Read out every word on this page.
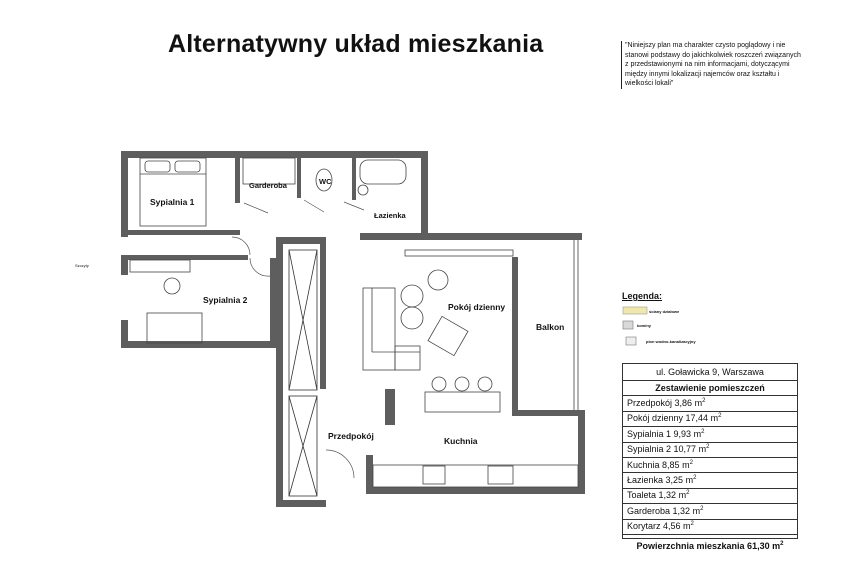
Alternatywny układ mieszkania	"Niniejszy plan ma charakter czysto poglądowy i nie stanowi podstawy do jakichkolwiek roszczeń związanych z przedstawionymi na nim informacjami, dotyczącymi między innymi lokalizacji najemców oraz kształtu i wielkości lokali"
Sypialnia 1
Sypialnia 2
Garderoba	WC
Łazienka
Pokój dzienny
Balkon
Przedpokój	Kuchnia
Szczyty
Legenda:
ściany działowe
kominy
pion wodno-kanalizacyjny
ul. Goławicka 9, Warszawa
Zestawienie pomieszczeń
Przedpokój 3,86 $m^2$
Pokój dzienny 17,44 $m^2$
Sypialnia 1 9,93 $m^2$
Sypialnia 2 10,77 $m^2$
Kuchnia 8,85 $m^2$
Łazienka 3,25 $m^2$
Toaleta 1,32 $m^2$
Garderoba 1,32 $m^2$
Korytarz 4,56 $m^2$
Powierzchnia mieszkania 61,30 $m^2$
